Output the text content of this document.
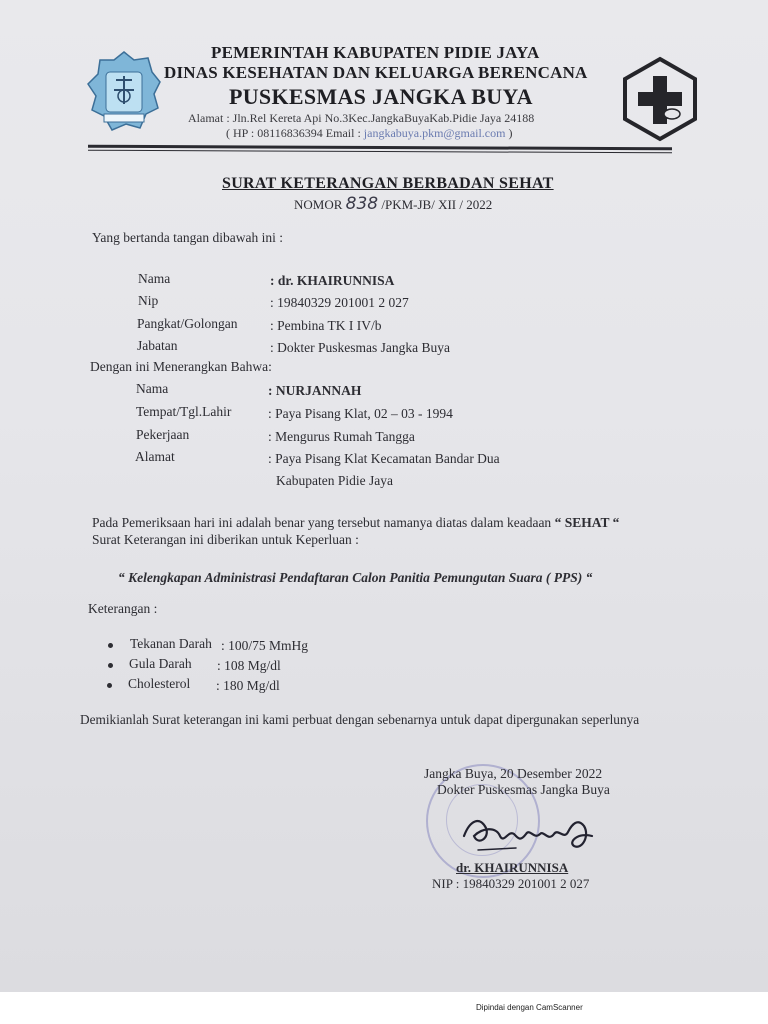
PEMERINTAH KABUPATEN PIDIE JAYA
DINAS KESEHATAN DAN KELUARGA BERENCANA
PUSKESMAS JANGKA BUYA
Alamat : Jln.Rel Kereta Api No.3Kec.JangkaBuyaKab.Pidie Jaya 24188
( HP : 08116836394 Email : jangkabuya.pkm@gmail.com )
SURAT KETERANGAN BERBADAN SEHAT
NOMOR 838 /PKM-JB/ XII / 2022
Yang bertanda tangan dibawah ini :
Nama	: dr. KHAIRUNNISA
Nip	: 19840329 201001 2 027
Pangkat/Golongan : Pembina TK I IV/b
Jabatan	: Dokter Puskesmas Jangka Buya
Dengan ini Menerangkan Bahwa:
Nama	: NURJANNAH
Tempat/Tgl.Lahir	: Paya Pisang Klat, 02 – 03 - 1994
Pekerjaan	: Mengurus Rumah Tangga
Alamat	: Paya Pisang Klat Kecamatan Bandar Dua
Kabupaten Pidie Jaya
Pada Pemeriksaan hari ini adalah benar yang tersebut namanya diatas dalam keadaan “ SEHAT “
Surat Keterangan ini diberikan untuk Keperluan :
“ Kelengkapan Administrasi Pendaftaran Calon Panitia Pemungutan Suara ( PPS) “
Keterangan :
Tekanan Darah : 100/75 MmHg
Gula Darah : 108 Mg/dl
Cholesterol : 180 Mg/dl
Demikianlah Surat keterangan ini kami perbuat dengan sebenarnya untuk dapat dipergunakan seperlunya
Jangka Buya, 20 Desember 2022
Dokter Puskesmas Jangka Buya
dr. KHAIRUNNISA
NIP : 19840329 201001 2 027
Dipindai dengan CamScanner
